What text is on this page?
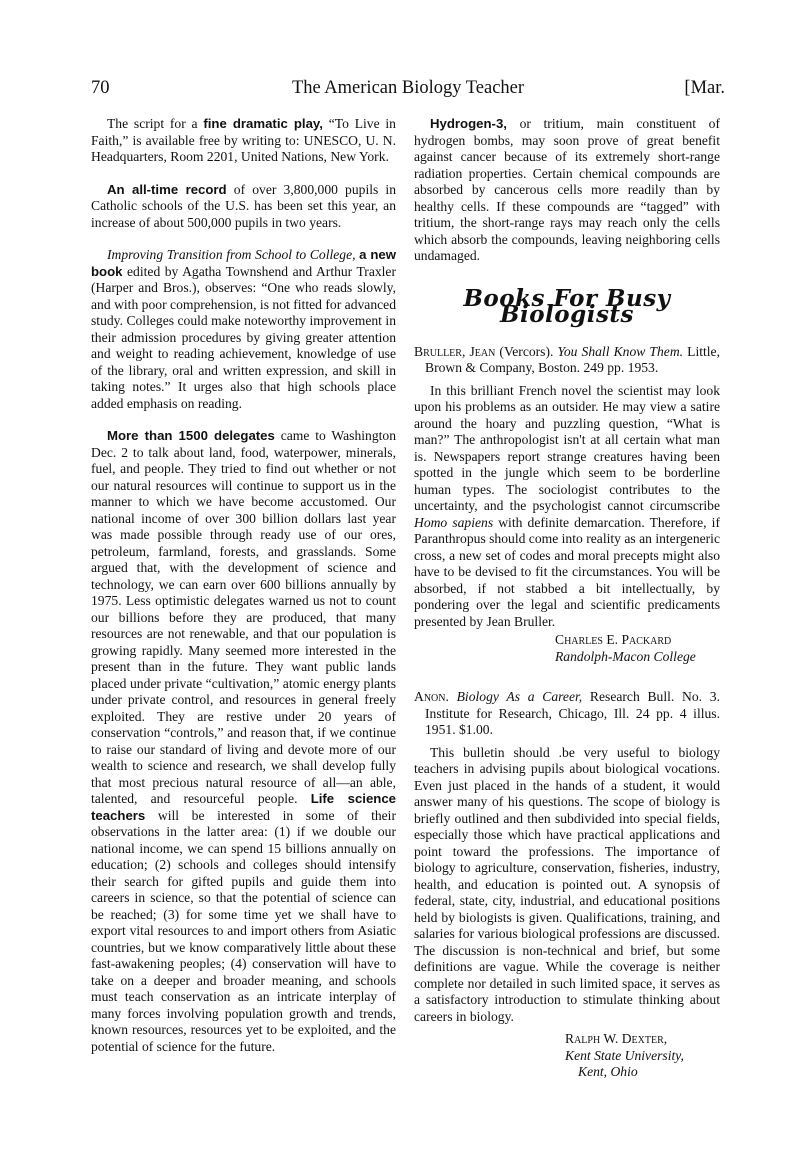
70	The American Biology Teacher	[Mar.

The script for a fine dramatic play, “To Live in Faith,” is available free by writing to: UNESCO, U. N. Headquarters, Room 2201, United Nations, New York.

An all-time record of over 3,800,000 pupils in Catholic schools of the U.S. has been set this year, an increase of about 500,000 pupils in two years.

Improving Transition from School to College, a new book edited by Agatha Townshend and Arthur Traxler (Harper and Bros.), observes: “One who reads slowly, and with poor comprehension, is not fitted for advanced study. Colleges could make noteworthy improvement in their admission procedures by giving greater attention and weight to reading achievement, knowledge of use of the library, oral and written expression, and skill in taking notes.” It urges also that high schools place added emphasis on reading.

More than 1500 delegates came to Washington Dec. 2 to talk about land, food, waterpower, minerals, fuel, and people. They tried to find out whether or not our natural resources will continue to support us in the manner to which we have become accustomed. Our national income of over 300 billion dollars last year was made possible through ready use of our ores, petroleum, farmland, forests, and grasslands. Some argued that, with the development of science and technology, we can earn over 600 billions annually by 1975. Less optimistic delegates warned us not to count our billions before they are produced, that many resources are not renewable, and that our population is growing rapidly. Many seemed more interested in the present than in the future. They want public lands placed under private “cultivation,” atomic energy plants under private control, and resources in general freely exploited. They are restive under 20 years of conservation “controls,” and reason that, if we continue to raise our standard of living and devote more of our wealth to science and research, we shall develop fully that most precious natural resource of all—an able, talented, and resourceful people. Life science teachers will be interested in some of their observations in the latter area: (1) if we double our national income, we can spend 15 billions annually on education; (2) schools and colleges should intensify their search for gifted pupils and guide them into careers in science, so that the potential of science can be reached; (3) for some time yet we shall have to export vital resources to and import others from Asiatic countries, but we know comparatively little about these fast-awakening peoples; (4) conservation will have to take on a deeper and broader meaning, and schools must teach conservation as an intricate interplay of many forces involving population growth and trends, known resources, resources yet to be exploited, and the potential of science for the future.

Hydrogen-3, or tritium, main constituent of hydrogen bombs, may soon prove of great benefit against cancer because of its extremely short-range radiation properties. Certain chemical compounds are absorbed by cancerous cells more readily than by healthy cells. If these compounds are “tagged” with tritium, the short-range rays may reach only the cells which absorb the compounds, leaving neighboring cells undamaged.

Books For Busy Biologists

Bruller, Jean (Vercors). You Shall Know Them. Little, Brown & Company, Boston. 249 pp. 1953.

In this brilliant French novel the scientist may look upon his problems as an outsider. He may view a satire around the hoary and puzzling question, “What is man?” The anthropologist isn't at all certain what man is. Newspapers report strange creatures having been spotted in the jungle which seem to be borderline human types. The sociologist contributes to the uncertainty, and the psychologist cannot circumscribe Homo sapiens with definite demarcation. Therefore, if Paranthropus should come into reality as an intergeneric cross, a new set of codes and moral precepts might also have to be devised to fit the circumstances. You will be absorbed, if not stabbed a bit intellectually, by pondering over the legal and scientific predicaments presented by Jean Bruller.

Charles E. Packard
Randolph-Macon College

Anon. Biology As a Career, Research Bull. No. 3. Institute for Research, Chicago, Ill. 24 pp. 4 illus. 1951. $1.00.

This bulletin should .be very useful to biology teachers in advising pupils about biological vocations. Even just placed in the hands of a student, it would answer many of his questions. The scope of biology is briefly outlined and then subdivided into special fields, especially those which have practical applications and point toward the professions. The importance of biology to agriculture, conservation, fisheries, industry, health, and education is pointed out. A synopsis of federal, state, city, industrial, and educational positions held by biologists is given. Qualifications, training, and salaries for various biological professions are discussed. The discussion is non-technical and brief, but some definitions are vague. While the coverage is neither complete nor detailed in such limited space, it serves as a satisfactory introduction to stimulate thinking about careers in biology.

Ralph W. Dexter,
Kent State University,
Kent, Ohio
